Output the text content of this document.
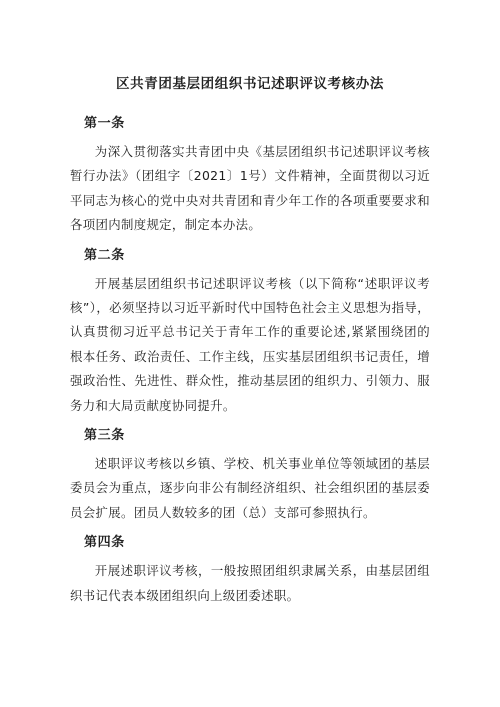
区共青团基层团组织书记述职评议考核办法
第一条

为深入贯彻落实共青团中央《基层团组织书记述职评议考核暂行办法》（团组字〔2021〕1号）文件精神，全面贯彻以习近平同志为核心的党中央对共青团和青少年工作的各项重要要求和各项团内制度规定，制定本办法。

第二条

开展基层团组织书记述职评议考核（以下简称“述职评议考核”），必须坚持以习近平新时代中国特色社会主义思想为指导，认真贯彻习近平总书记关于青年工作的重要论述,紧紧围绕团的根本任务、政治责任、工作主线，压实基层团组织书记责任，增强政治性、先进性、群众性，推动基层团的组织力、引领力、服务力和大局贡献度协同提升。

第三条

述职评议考核以乡镇、学校、机关事业单位等领域团的基层委员会为重点，逐步向非公有制经济组织、社会组织团的基层委员会扩展。团员人数较多的团（总）支部可参照执行。

第四条

开展述职评议考核，一般按照团组织隶属关系，由基层团组织书记代表本级团组织向上级团委述职。
